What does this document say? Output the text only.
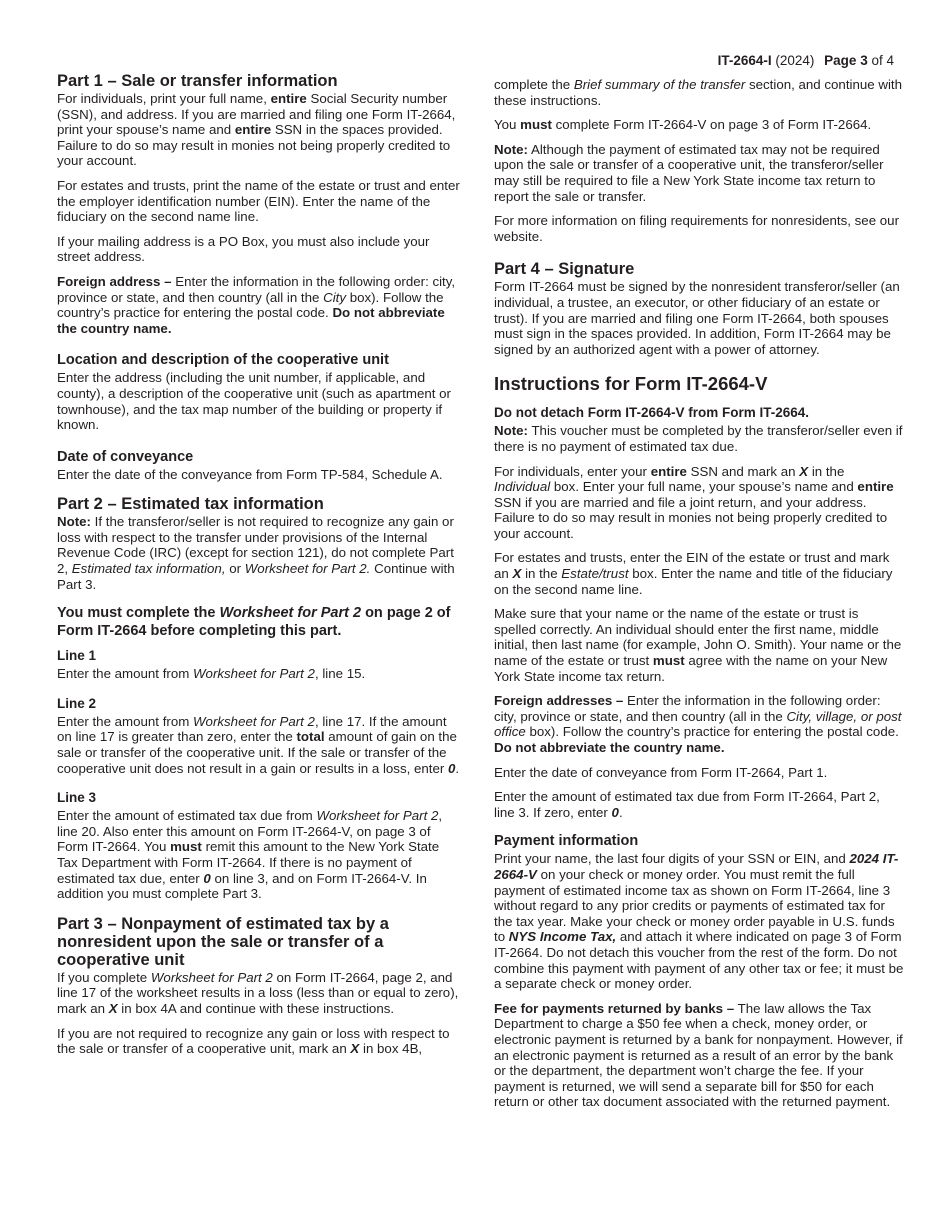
IT-2664-I (2024) Page 3 of 4
Part 1 – Sale or transfer information

For individuals, print your full name, entire Social Security number (SSN), and address. If you are married and filing one Form IT-2664, print your spouse’s name and entire SSN in the spaces provided. Failure to do so may result in monies not being properly credited to your account.

For estates and trusts, print the name of the estate or trust and enter the employer identification number (EIN). Enter the name of the fiduciary on the second name line.

If your mailing address is a PO Box, you must also include your street address.

Foreign address – Enter the information in the following order: city, province or state, and then country (all in the City box). Follow the country’s practice for entering the postal code. Do not abbreviate the country name.

Location and description of the cooperative unit

Enter the address (including the unit number, if applicable, and county), a description of the cooperative unit (such as apartment or townhouse), and the tax map number of the building or property if known.

Date of conveyance

Enter the date of the conveyance from Form TP-584, Schedule A.

Part 2 – Estimated tax information

Note: If the transferor/seller is not required to recognize any gain or loss with respect to the transfer under provisions of the Internal Revenue Code (IRC) (except for section 121), do not complete Part 2, Estimated tax information, or Worksheet for Part 2. Continue with Part 3.

You must complete the Worksheet for Part 2 on page 2 of Form IT-2664 before completing this part.
Line 1

Enter the amount from Worksheet for Part 2, line 15.

Line 2

Enter the amount from Worksheet for Part 2, line 17. If the amount on line 17 is greater than zero, enter the total amount of gain on the sale or transfer of the cooperative unit. If the sale or transfer of the cooperative unit does not result in a gain or results in a loss, enter 0.

Line 3

Enter the amount of estimated tax due from Worksheet for Part 2, line 20. Also enter this amount on Form IT-2664-V, on page 3 of Form IT-2664. You must remit this amount to the New York State Tax Department with Form IT-2664. If there is no payment of estimated tax due, enter 0 on line 3, and on Form IT-2664-V. In addition you must complete Part 3.

Part 3 – Nonpayment of estimated tax by a nonresident upon the sale or transfer of a cooperative unit

If you complete Worksheet for Part 2 on Form IT-2664, page 2, and line 17 of the worksheet results in a loss (less than or equal to zero), mark an X in box 4A and continue with these instructions.

If you are not required to recognize any gain or loss with respect to the sale or transfer of a cooperative unit, mark an X in box 4B,

complete the Brief summary of the transfer section, and continue with these instructions.

You must complete Form IT-2664-V on page 3 of Form IT-2664.

Note: Although the payment of estimated tax may not be required upon the sale or transfer of a cooperative unit, the transferor/seller may still be required to file a New York State income tax return to report the sale or transfer.

For more information on filing requirements for nonresidents, see our website.

Part 4 – Signature

Form IT-2664 must be signed by the nonresident transferor/seller (an individual, a trustee, an executor, or other fiduciary of an estate or trust). If you are married and filing one Form IT-2664, both spouses must sign in the spaces provided. In addition, Form IT-2664 may be signed by an authorized agent with a power of attorney.

Instructions for Form IT-2664-V
Do not detach Form IT-2664-V from Form IT-2664.

Note: This voucher must be completed by the transferor/seller even if there is no payment of estimated tax due.

For individuals, enter your entire SSN and mark an X in the Individual box. Enter your full name, your spouse’s name and entire SSN if you are married and file a joint return, and your address. Failure to do so may result in monies not being properly credited to your account.

For estates and trusts, enter the EIN of the estate or trust and mark an X in the Estate/trust box. Enter the name and title of the fiduciary on the second name line.

Make sure that your name or the name of the estate or trust is spelled correctly. An individual should enter the first name, middle initial, then last name (for example, John O. Smith). Your name or the name of the estate or trust must agree with the name on your New York State income tax return.

Foreign addresses – Enter the information in the following order: city, province or state, and then country (all in the City, village, or post office box). Follow the country’s practice for entering the postal code. Do not abbreviate the country name.

Enter the date of conveyance from Form IT-2664, Part 1.

Enter the amount of estimated tax due from Form IT-2664, Part 2, line 3. If zero, enter 0.

Payment information

Print your name, the last four digits of your SSN or EIN, and 2024 IT-2664-V on your check or money order. You must remit the full payment of estimated income tax as shown on Form IT-2664, line 3 without regard to any prior credits or payments of estimated tax for the tax year. Make your check or money order payable in U.S. funds to NYS Income Tax, and attach it where indicated on page 3 of Form IT-2664. Do not detach this voucher from the rest of the form. Do not combine this payment with payment of any other tax or fee; it must be a separate check or money order.

Fee for payments returned by banks – The law allows the Tax Department to charge a $50 fee when a check, money order, or electronic payment is returned by a bank for nonpayment. However, if an electronic payment is returned as a result of an error by the bank or the department, the department won’t charge the fee. If your payment is returned, we will send a separate bill for $50 for each return or other tax document associated with the returned payment.
